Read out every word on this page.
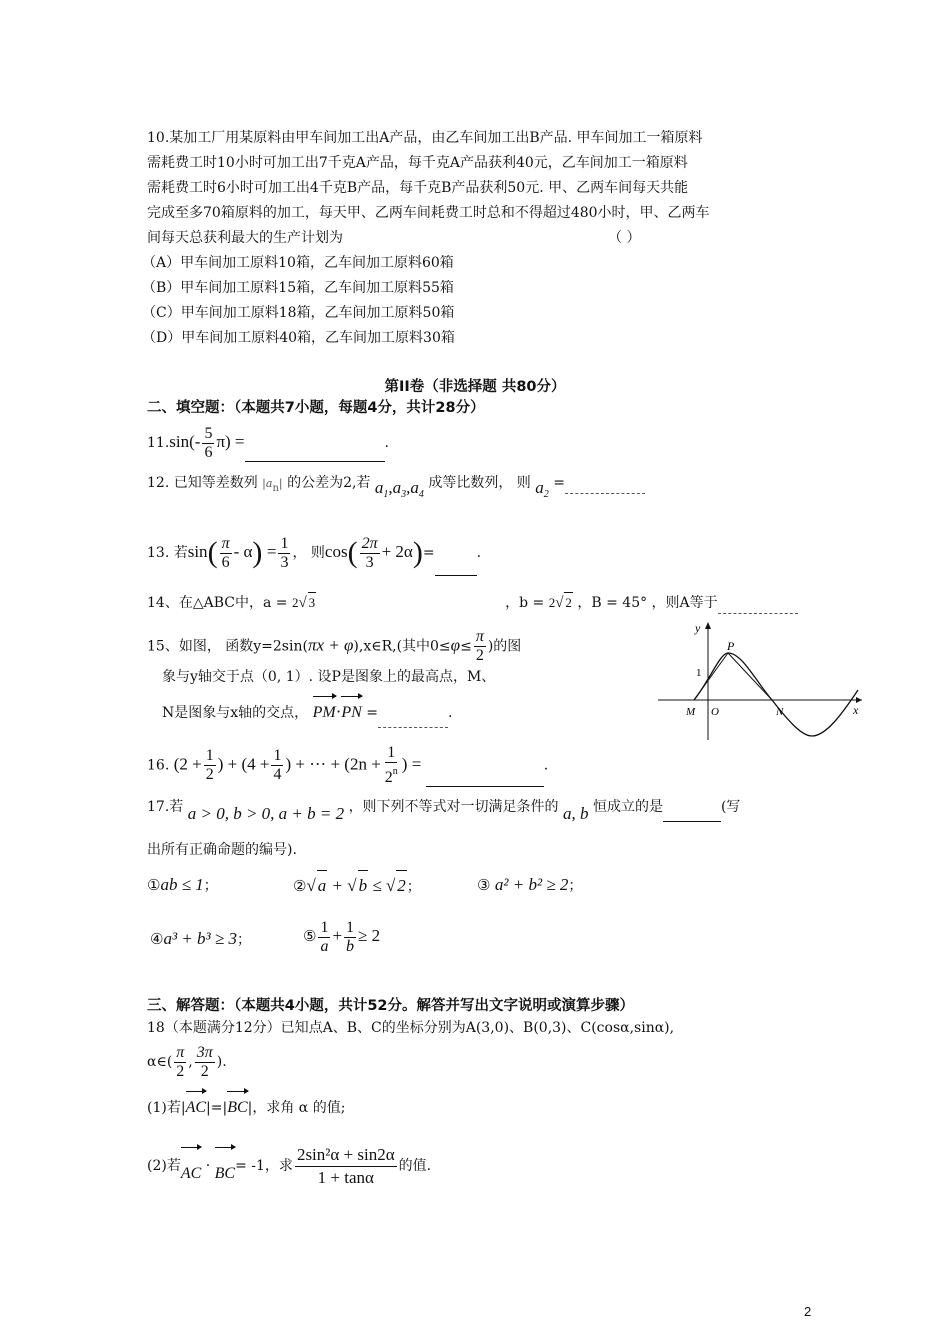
10.某加工厂用某原料由甲车间加工出A产品，由乙车间加工出B产品. 甲车间加工一箱原料
需耗费工时10小时可加工出7千克A产品，每千克A产品获利40元，乙车间加工一箱原料
需耗费工时6小时可加工出4千克B产品，每千克B产品获利50元. 甲、乙两车间每天共能
完成至多70箱原料的加工，每天甲、乙两车间耗费工时总和不得超过480小时，甲、乙两车
间每天总获利最大的生产计划为	（ ）
（A）甲车间加工原料10箱，乙车间加工原料60箱
（B）甲车间加工原料15箱，乙车间加工原料55箱
（C）甲车间加工原料18箱，乙车间加工原料50箱
（D）甲车间加工原料40箱，乙车间加工原料30箱
第II卷（非选择题 共80分）
二、填空题：（本题共7小题，每题4分，共计28分）
$11.\sin(- \frac{5}{6} \pi)$ =	.
12. 已知等差数列 |an| 的公差为2,若 $a_1,a_3,a_4$ 成等比数列， 则 $a_2$ =
13. 若$\sin( \frac{\pi}{6} - \alpha) = \frac{1}{3}$ ， 则$\cos( \frac{2\pi}{3} + 2\alpha)=$	.
14、在△ABC中，a = 2√ 3	，b = 2√ 2 ，B = 45° ，则A等于
15、如图， 函数y=2sin(πx + φ),x∈R,(其中$0\le\varphi\le \frac{\pi}{2}$ )的图
象与y轴交于点（0, 1）. 设P是图象上的最高点，M、
N是图象与x轴的交点， PM·PN =	.
y
x
P
1
M O	N
16. ($2 + \frac{1}{2}$ ) + ($4 + \frac{1}{4}$ ) + ··· + ($2n + \frac{1}{2^n}$ ) =	.
17.若 a > 0, b > 0, a + b = 2 ，则下列不等式对一切满足条件的 a, b 恒成立的是	(写
出所有正确命题的编号).
①ab ≤ 1；	②√ a + √ b ≤ √ 2；	③ a² + b² ≥ 2；
④a³ + b³ ≥ 3；	⑤ $\frac{1}{a} + \frac{1}{b} \ge 2$
三、解答题：（本题共4小题，共计52分。解答并写出文字说明或演算步骤）
18（本题满分12分）已知点A、B、C的坐标分别为A(3,0)、B(0,3)、C(cosα,sinα),
α∈( $\frac{\pi}{2}$ , $\frac{3\pi}{2}$ ).
(1)若|AC|=|BC|，求角 α 的值;
(2)若AC · BC= -1，求 $\frac{\text{2sin²α + sin2α}}{1 + \tan\alpha}$ 的值.
2
